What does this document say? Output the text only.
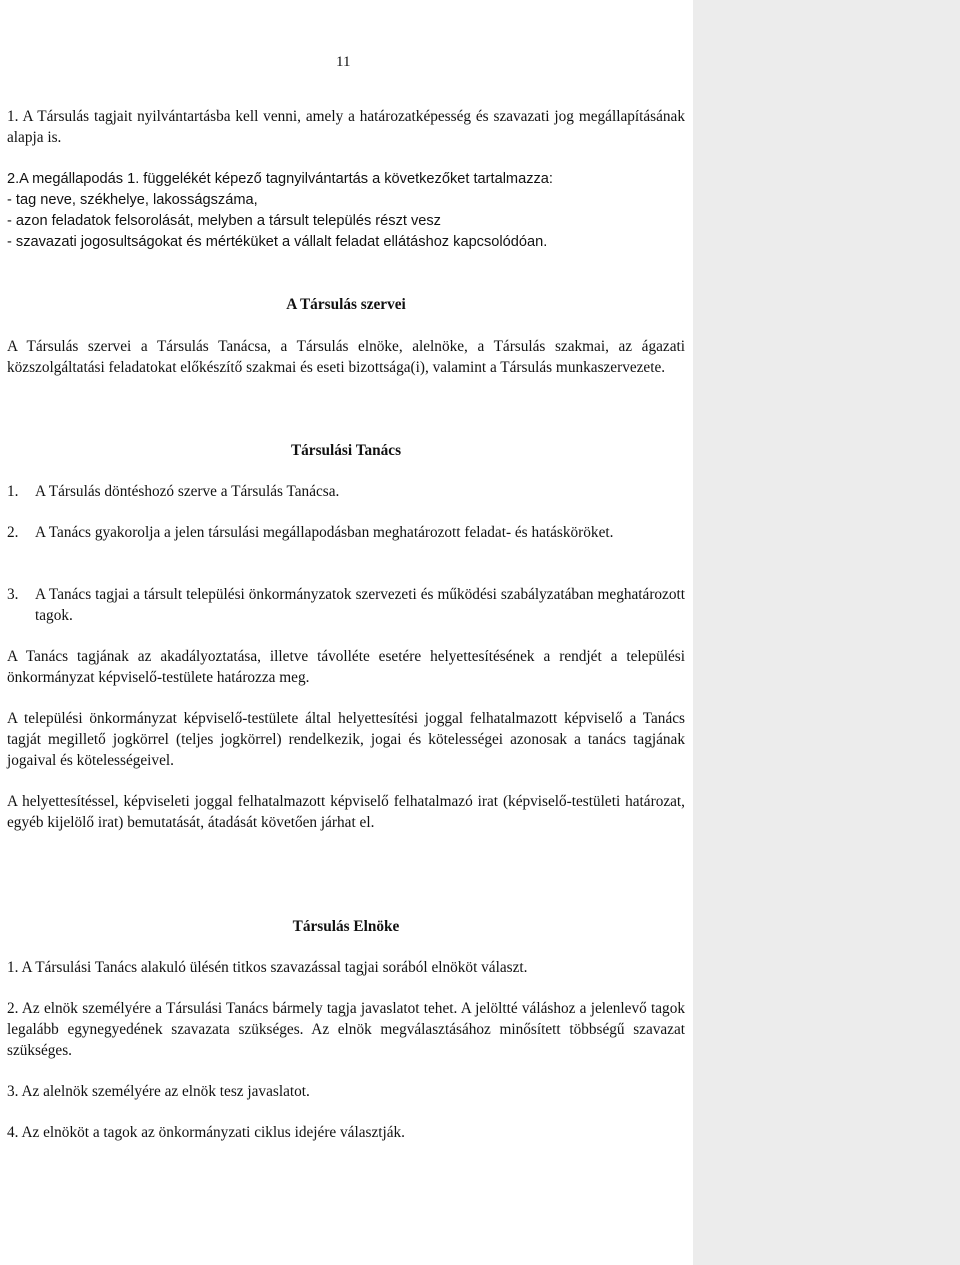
11

1. A Társulás tagjait nyilvántartásba kell venni, amely a határozatképesség és szavazati jog megállapításának alapja is.

2.A megállapodás 1. függelékét képező tagnyilvántartás a következőket tartalmazza:
- tag neve, székhelye, lakosságszáma,
- azon feladatok felsorolását, melyben a társult település részt vesz
- szavazati jogosultságokat és mértéküket a vállalt feladat ellátáshoz kapcsolódóan.
A Társulás szervei

A Társulás szervei a Társulás Tanácsa, a Társulás elnöke, alelnöke, a Társulás szakmai, az ágazati közszolgáltatási feladatokat előkészítő szakmai és eseti bizottsága(i), valamint a Társulás munkaszervezete.

Társulási Tanács
1. A Társulás döntéshozó szerve a Társulás Tanácsa.

2. A Tanács gyakorolja a jelen társulási megállapodásban meghatározott feladat- és hatásköröket.

3. A Tanács tagjai a társult települési önkormányzatok szervezeti és működési szabályzatában meghatározott tagok.

A Tanács tagjának az akadályoztatása, illetve távolléte esetére helyettesítésének a rendjét a települési önkormányzat képviselő-testülete határozza meg.

A települési önkormányzat képviselő-testülete által helyettesítési joggal felhatalmazott képviselő a Tanács tagját megillető jogkörrel (teljes jogkörrel) rendelkezik, jogai és kötelességei azonosak a tanács tagjának jogaival és kötelességeivel.

A helyettesítéssel, képviseleti joggal felhatalmazott képviselő felhatalmazó irat (képviselő-testületi határozat, egyéb kijelölő irat) bemutatását, átadását követően járhat el.

Társulás Elnöke

1. A Társulási Tanács alakuló ülésén titkos szavazással tagjai sorából elnököt választ.

2. Az elnök személyére a Társulási Tanács bármely tagja javaslatot tehet. A jelöltté váláshoz a jelenlevő tagok legalább egynegyedének szavazata szükséges. Az elnök megválasztásához minősített többségű szavazat szükséges.

3. Az alelnök személyére az elnök tesz javaslatot.

4. Az elnököt a tagok az önkormányzati ciklus idejére választják.
